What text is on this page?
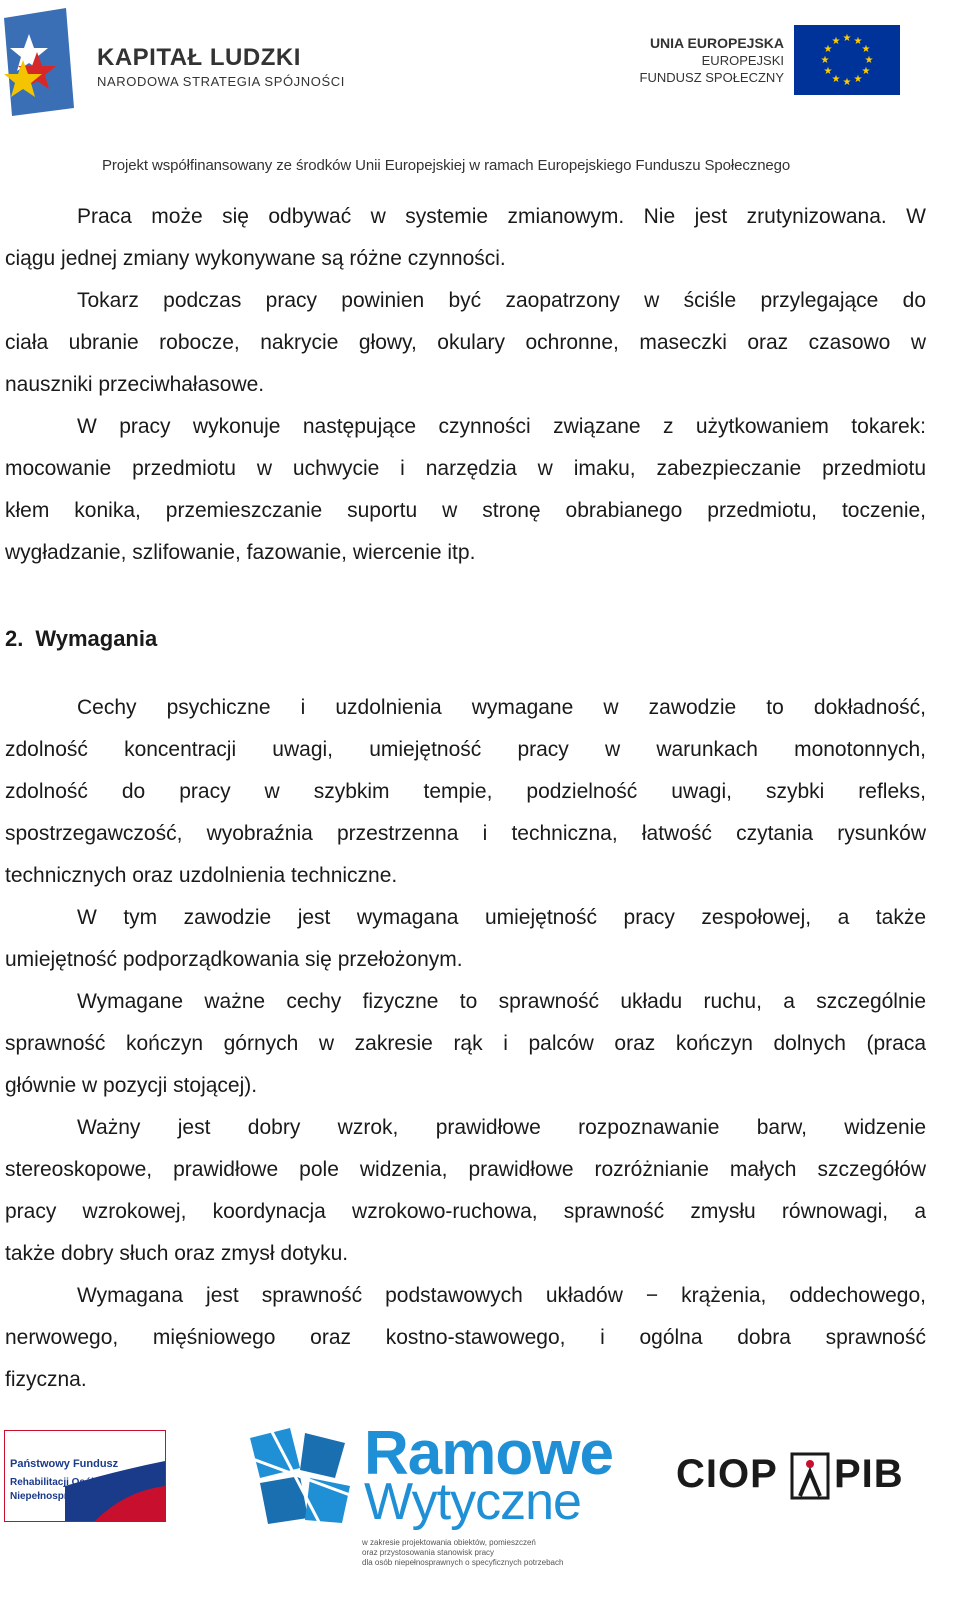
KAPITAŁ LUDZKI
NARODOWA STRATEGIA SPÓJNOŚCI
UNIA EUROPEJSKA
EUROPEJSKI
FUNDUSZ SPOŁECZNY
★ ★
★
★
★
★
★
★
★
★
★
★
Projekt współfinansowany ze środków Unii Europejskiej w ramach Europejskiego Funduszu Społecznego
Praca może się odbywać w systemie zmianowym. Nie jest zrutynizowana. W
ciągu jednej zmiany wykonywane są różne czynności.
Tokarz podczas pracy powinien być zaopatrzony w ściśle przylegające do
ciała ubranie robocze, nakrycie głowy, okulary ochronne, maseczki oraz czasowo w
nauszniki przeciwhałasowe.
W pracy wykonuje następujące czynności związane z użytkowaniem tokarek:
mocowanie przedmiotu w uchwycie i narzędzia w imaku, zabezpieczanie przedmiotu
kłem konika, przemieszczanie suportu w stronę obrabianego przedmiotu, toczenie,
wygładzanie, szlifowanie, fazowanie, wiercenie itp.
2. Wymagania
Cechy psychiczne i uzdolnienia wymagane w zawodzie to dokładność,
zdolność koncentracji uwagi, umiejętność pracy w warunkach monotonnych,
zdolność do pracy w szybkim tempie, podzielność uwagi, szybki refleks,
spostrzegawczość, wyobraźnia przestrzenna i techniczna, łatwość czytania rysunków
technicznych oraz uzdolnienia techniczne.
W tym zawodzie jest wymagana umiejętność pracy zespołowej, a także
umiejętność podporządkowania się przełożonym.
Wymagane ważne cechy fizyczne to sprawność układu ruchu, a szczególnie
sprawność kończyn górnych w zakresie rąk i palców oraz kończyn dolnych (praca
głównie w pozycji stojącej).
Ważny jest dobry wzrok, prawidłowe rozpoznawanie barw, widzenie
stereoskopowe, prawidłowe pole widzenia, prawidłowe rozróżnianie małych szczegółów
pracy wzrokowej, koordynacja wzrokowo-ruchowa, sprawność zmysłu równowagi, a
także dobry słuch oraz zmysł dotyku.
Wymagana jest sprawność podstawowych układów − krążenia, oddechowego,
nerwowego, mięśniowego oraz kostno-stawowego, i ogólna dobra sprawność
fizyczna.
Państwowy Fundusz
Rehabilitacji Osób
Niepełnosprawnych
Ramowe
Wytyczne
w zakresie projektowania obiektów, pomieszczeń
oraz przystosowania stanowisk pracy
dla osób niepełnosprawnych o specyficznych potrzebach
CIOP PIB
